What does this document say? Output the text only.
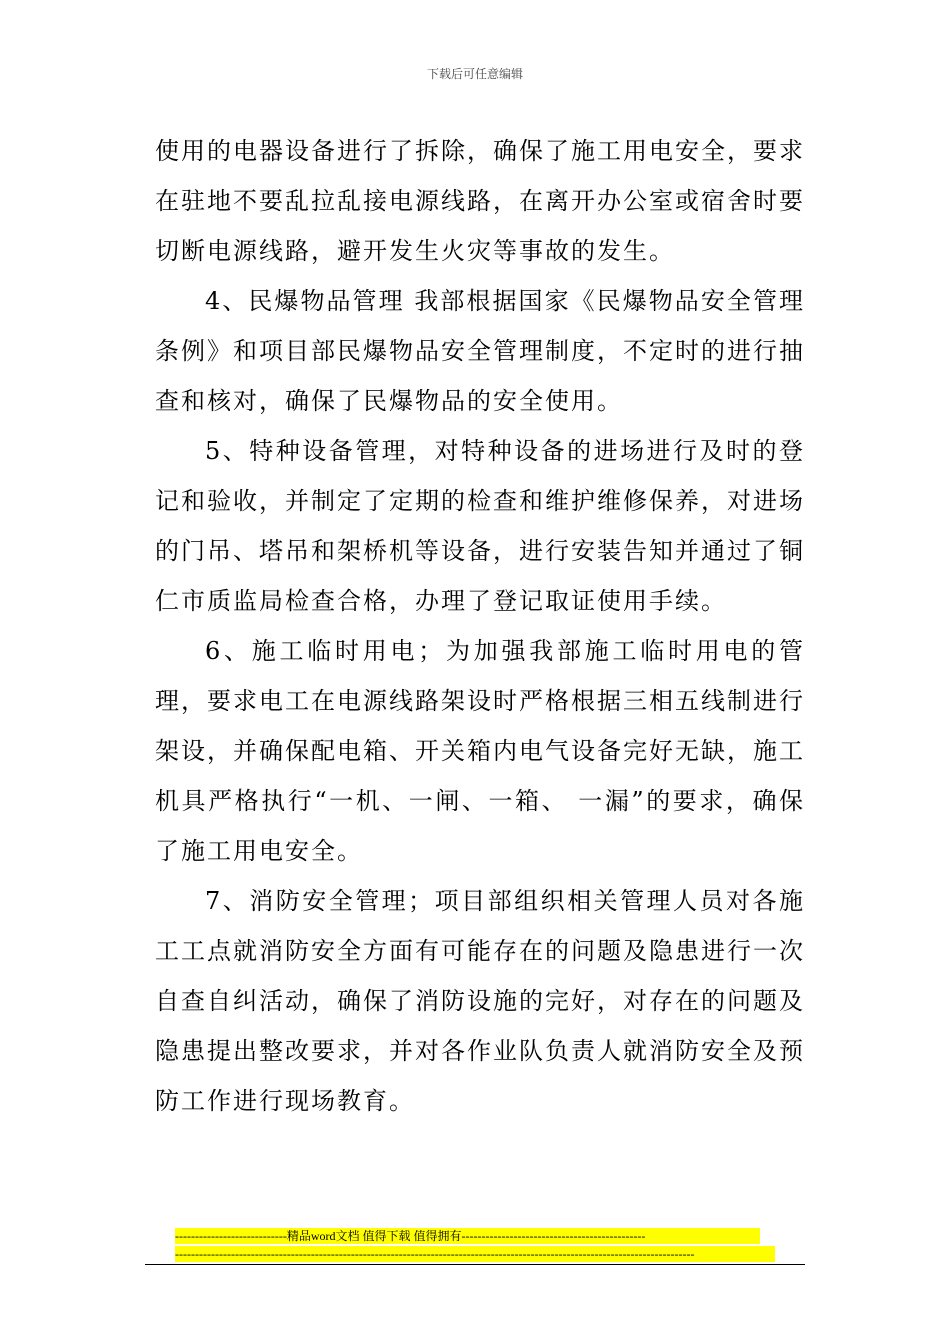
下载后可任意编辑

使用的电器设备进行了拆除，确保了施工用电安全，要求在驻地不要乱拉乱接电源线路，在离开办公室或宿舍时要切断电源线路，避开发生火灾等事故的发生。

4、民爆物品管理 我部根据国家《民爆物品安全管理条例》和项目部民爆物品安全管理制度，不定时的进行抽查和核对，确保了民爆物品的安全使用。

5、特种设备管理，对特种设备的进场进行及时的登记和验收，并制定了定期的检查和维护维修保养，对进场的门吊、塔吊和架桥机等设备，进行安装告知并通过了铜仁市质监局检查合格，办理了登记取证使用手续。

6、施工临时用电；为加强我部施工临时用电的管理，要求电工在电源线路架设时严格根据三相五线制进行架设，并确保配电箱、开关箱内电气设备完好无缺，施工机具严格执行“一机、一闸、一箱、 一漏”的要求，确保了施工用电安全。

7、消防安全管理；项目部组织相关管理人员对各施工工点就消防安全方面有可能存在的问题及隐患进行一次自查自纠活动，确保了消防设施的完好，对存在的问题及隐患提出整改要求，并对各作业队负责人就消防安全及预防工作进行现场教育。

----------------------------精品word文档 值得下载 值得拥有----------------------------------------------
----------------------------------------------------------------------------------------------------------------------------------
